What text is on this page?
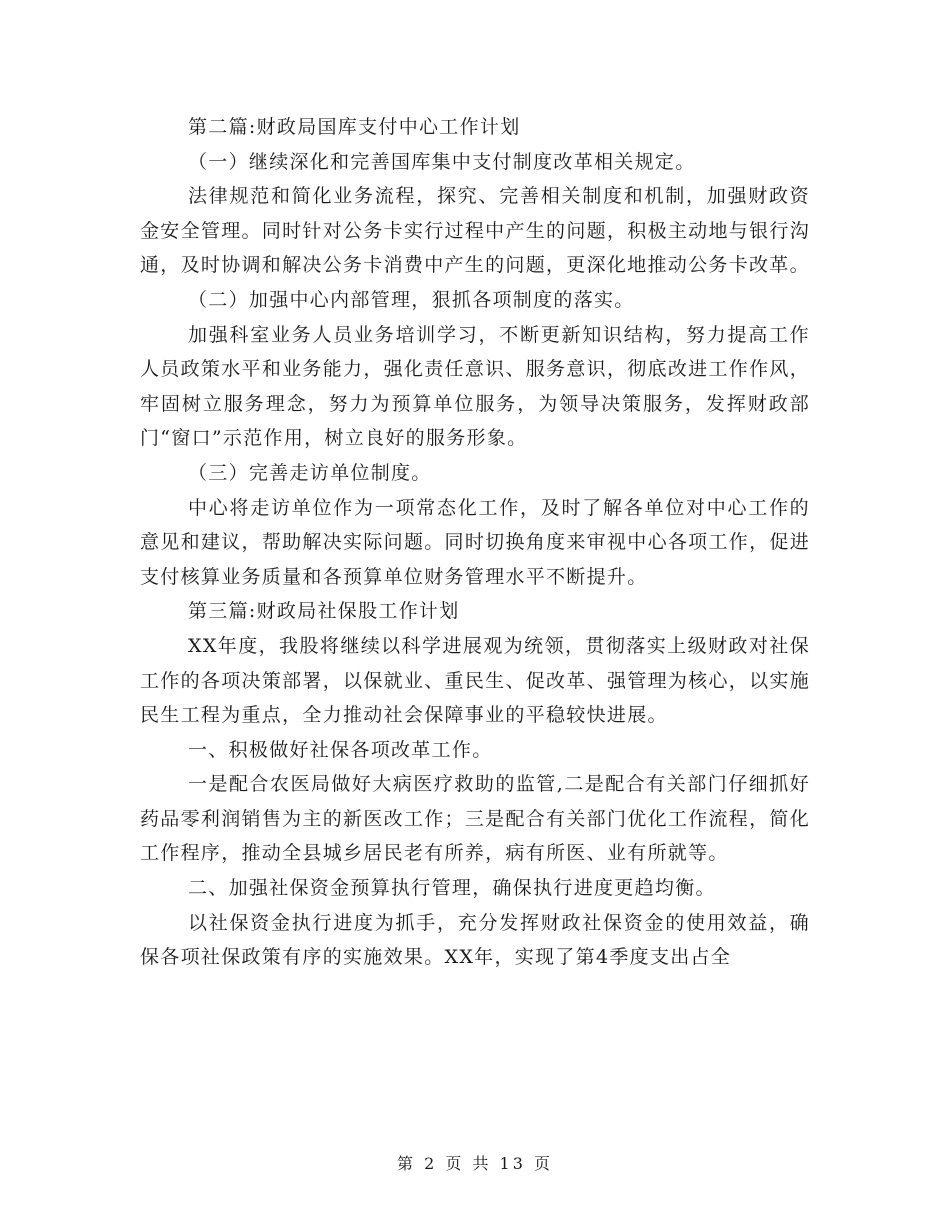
第二篇:财政局国库支付中心工作计划

（一）继续深化和完善国库集中支付制度改革相关规定。

法律规范和简化业务流程，探究、完善相关制度和机制，加强财政资金安全管理。同时针对公务卡实行过程中产生的问题，积极主动地与银行沟通，及时协调和解决公务卡消费中产生的问题，更深化地推动公务卡改革。

（二）加强中心内部管理，狠抓各项制度的落实。

加强科室业务人员业务培训学习，不断更新知识结构，努力提高工作人员政策水平和业务能力，强化责任意识、服务意识，彻底改进工作作风，牢固树立服务理念，努力为预算单位服务，为领导决策服务，发挥财政部门“窗口”示范作用，树立良好的服务形象。

（三）完善走访单位制度。

中心将走访单位作为一项常态化工作，及时了解各单位对中心工作的意见和建议，帮助解决实际问题。同时切换角度来审视中心各项工作，促进支付核算业务质量和各预算单位财务管理水平不断提升。

第三篇:财政局社保股工作计划

XX年度，我股将继续以科学进展观为统领，贯彻落实上级财政对社保工作的各项决策部署，以保就业、重民生、促改革、强管理为核心，以实施民生工程为重点，全力推动社会保障事业的平稳较快进展。

一、积极做好社保各项改革工作。

一是配合农医局做好大病医疗救助的监管,二是配合有关部门仔细抓好药品零利润销售为主的新医改工作；三是配合有关部门优化工作流程，简化工作程序，推动全县城乡居民老有所养，病有所医、业有所就等。

二、加强社保资金预算执行管理，确保执行进度更趋均衡。

以社保资金执行进度为抓手，充分发挥财政社保资金的使用效益，确保各项社保政策有序的实施效果。XX年，实现了第4季度支出占全

第 2 页 共 13 页
